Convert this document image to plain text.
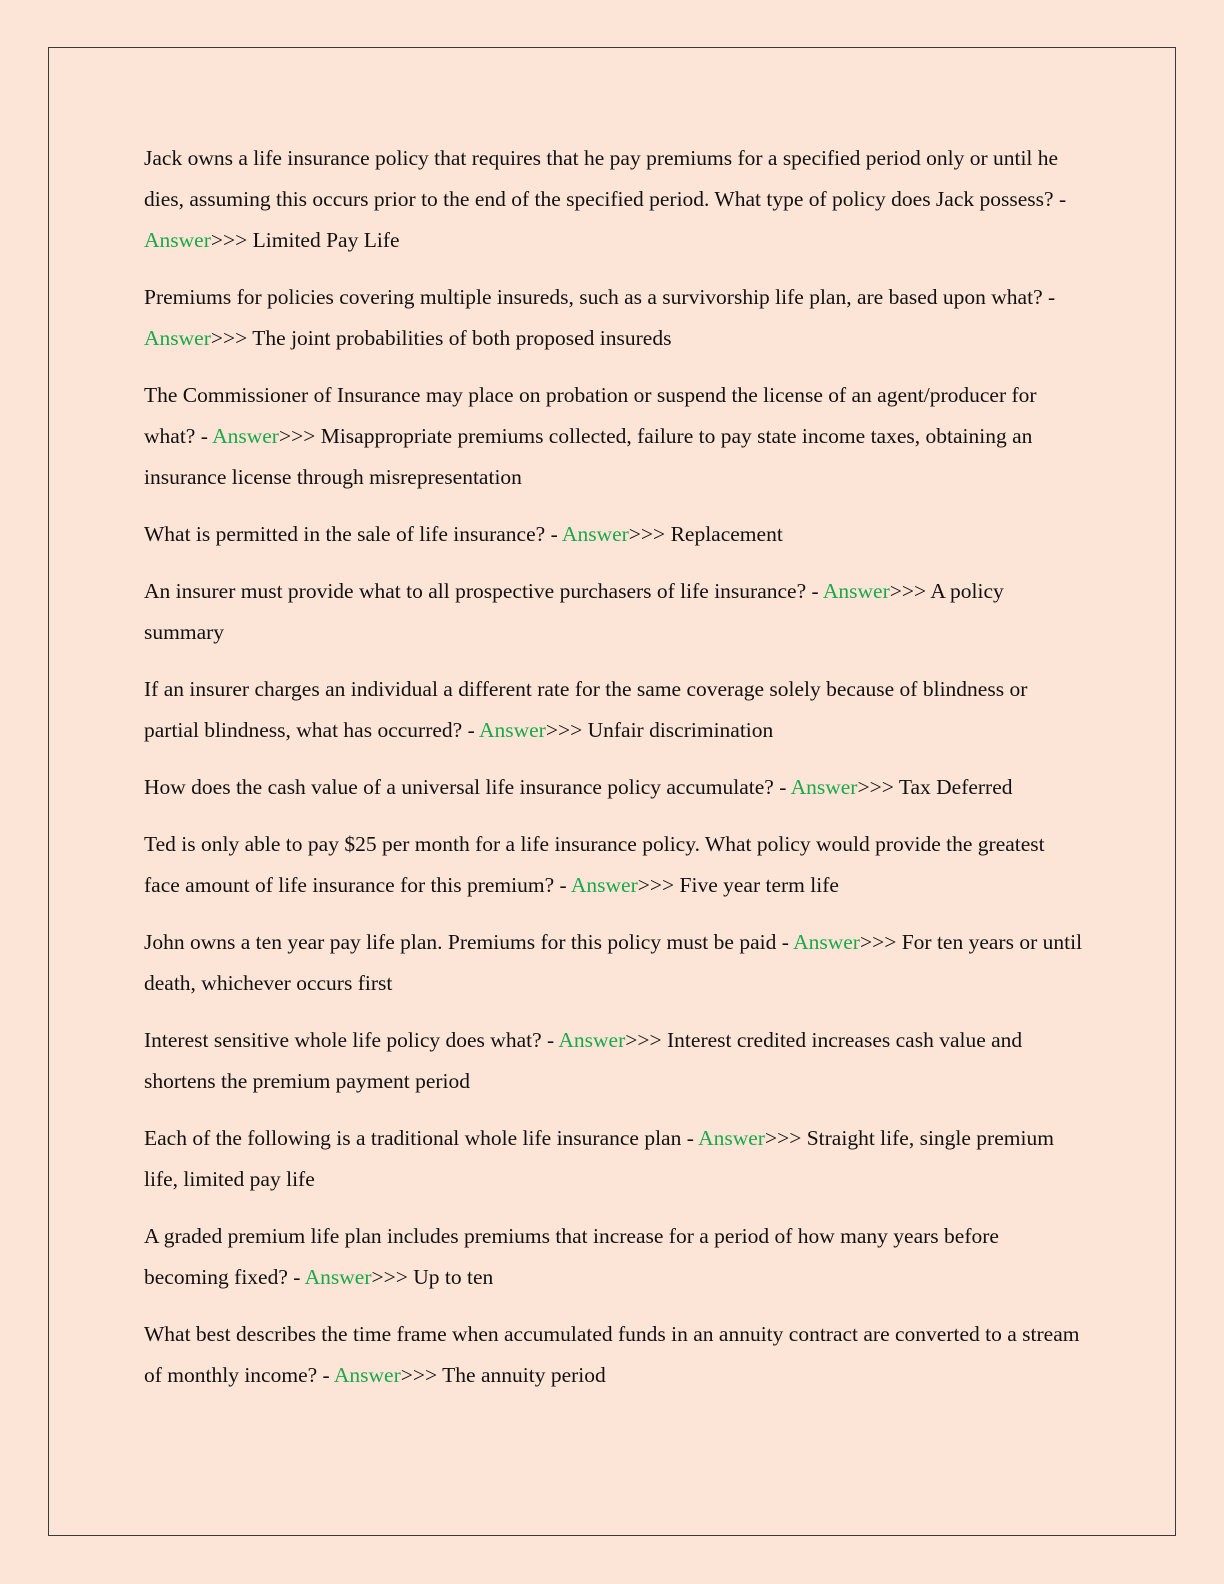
Jack owns a life insurance policy that requires that he pay premiums for a specified period only or until he dies, assuming this occurs prior to the end of the specified period. What type of policy does Jack possess? - Answer>>> Limited Pay Life

Premiums for policies covering multiple insureds, such as a survivorship life plan, are based upon what? - Answer>>> The joint probabilities of both proposed insureds

The Commissioner of Insurance may place on probation or suspend the license of an agent/producer for what? - Answer>>> Misappropriate premiums collected, failure to pay state income taxes, obtaining an insurance license through misrepresentation

What is permitted in the sale of life insurance? - Answer>>> Replacement

An insurer must provide what to all prospective purchasers of life insurance? - Answer>>> A policy summary

If an insurer charges an individual a different rate for the same coverage solely because of blindness or partial blindness, what has occurred? - Answer>>> Unfair discrimination

How does the cash value of a universal life insurance policy accumulate? - Answer>>> Tax Deferred

Ted is only able to pay $25 per month for a life insurance policy. What policy would provide the greatest face amount of life insurance for this premium? - Answer>>> Five year term life

John owns a ten year pay life plan. Premiums for this policy must be paid - Answer>>> For ten years or until death, whichever occurs first

Interest sensitive whole life policy does what? - Answer>>> Interest credited increases cash value and shortens the premium payment period

Each of the following is a traditional whole life insurance plan - Answer>>> Straight life, single premium life, limited pay life

A graded premium life plan includes premiums that increase for a period of how many years before becoming fixed? - Answer>>> Up to ten

What best describes the time frame when accumulated funds in an annuity contract are converted to a stream of monthly income? - Answer>>> The annuity period
